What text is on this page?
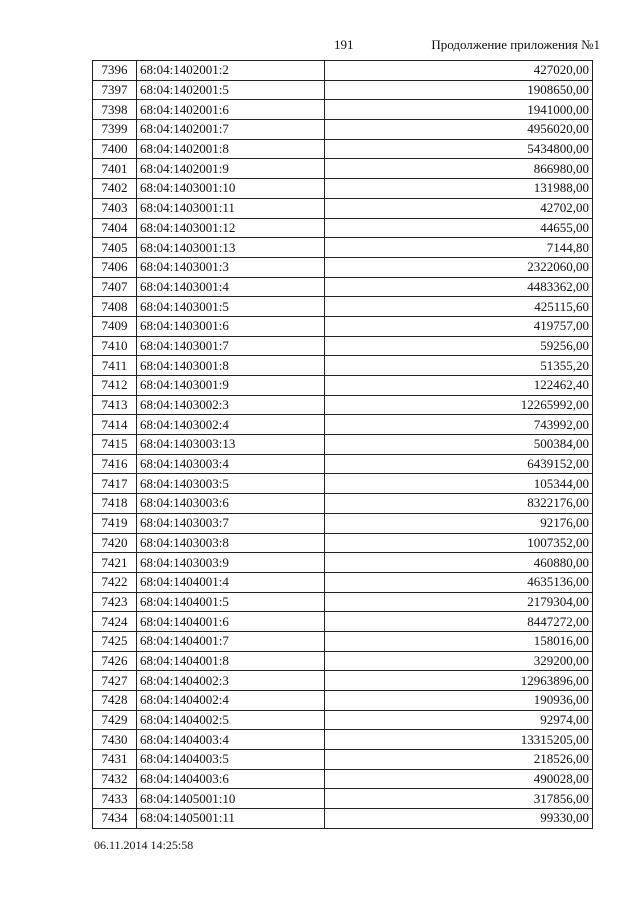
191	Продолжение приложения №1
7396	68:04:1402001:2	427020,00
7397	68:04:1402001:5	1908650,00
7398	68:04:1402001:6	1941000,00
7399	68:04:1402001:7	4956020,00
7400	68:04:1402001:8	5434800,00
7401	68:04:1402001:9	866980,00
7402	68:04:1403001:10	131988,00
7403	68:04:1403001:11	42702,00
7404	68:04:1403001:12	44655,00
7405	68:04:1403001:13	7144,80
7406	68:04:1403001:3	2322060,00
7407	68:04:1403001:4	4483362,00
7408	68:04:1403001:5	425115,60
7409	68:04:1403001:6	419757,00
7410	68:04:1403001:7	59256,00
7411	68:04:1403001:8	51355,20
7412	68:04:1403001:9	122462,40
7413	68:04:1403002:3	12265992,00
7414	68:04:1403002:4	743992,00
7415	68:04:1403003:13	500384,00
7416	68:04:1403003:4	6439152,00
7417	68:04:1403003:5	105344,00
7418	68:04:1403003:6	8322176,00
7419	68:04:1403003:7	92176,00
7420	68:04:1403003:8	1007352,00
7421	68:04:1403003:9	460880,00
7422	68:04:1404001:4	4635136,00
7423	68:04:1404001:5	2179304,00
7424	68:04:1404001:6	8447272,00
7425	68:04:1404001:7	158016,00
7426	68:04:1404001:8	329200,00
7427	68:04:1404002:3	12963896,00
7428	68:04:1404002:4	190936,00
7429	68:04:1404002:5	92974,00
7430	68:04:1404003:4	13315205,00
7431	68:04:1404003:5	218526,00
7432	68:04:1404003:6	490028,00
7433	68:04:1405001:10	317856,00
7434	68:04:1405001:11	99330,00
06.11.2014 14:25:58
